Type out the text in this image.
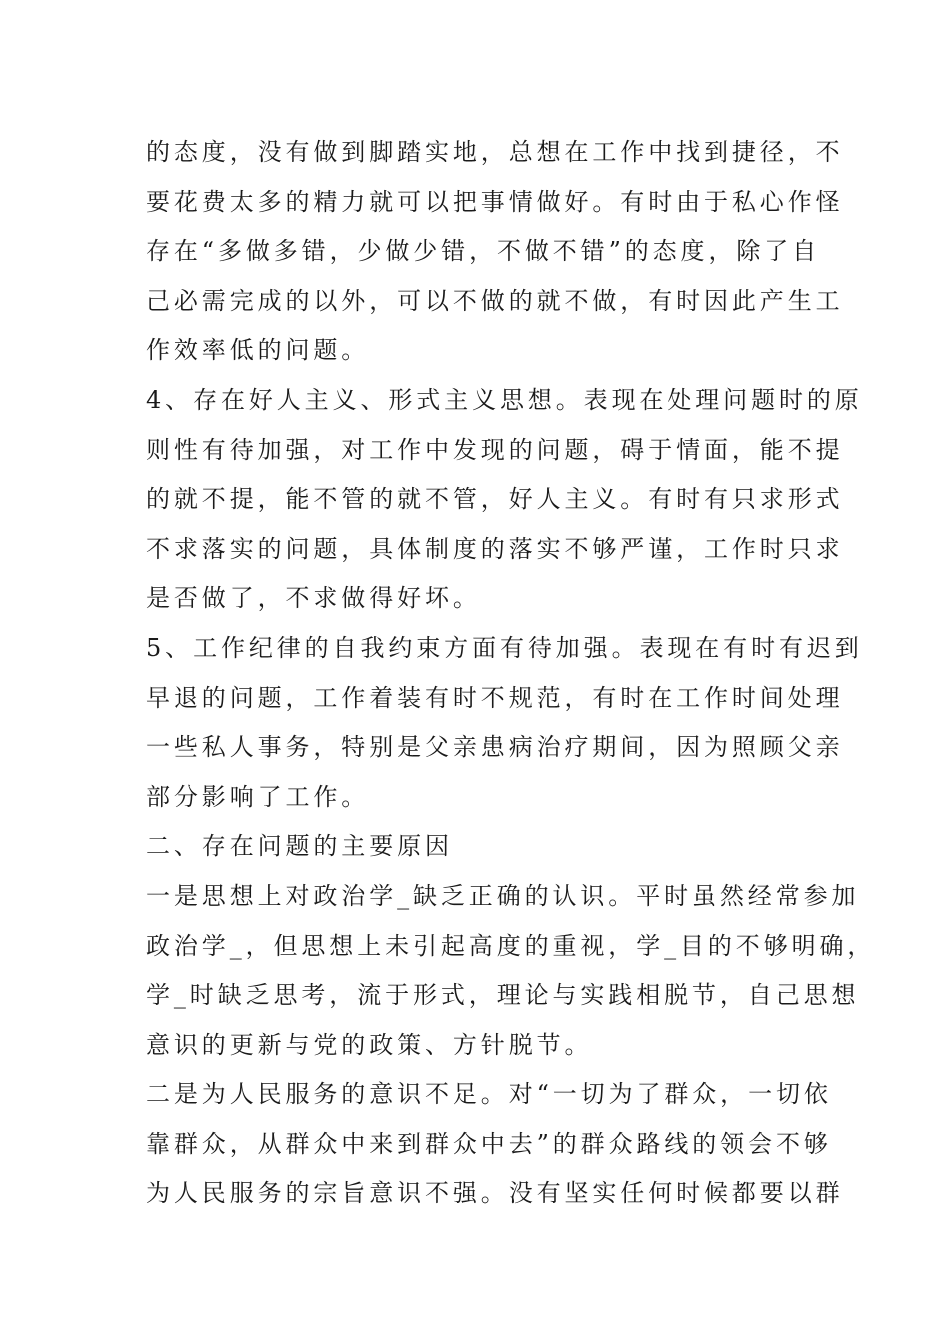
的态度，没有做到脚踏实地，总想在工作中找到捷径，不
要花费太多的精力就可以把事情做好。有时由于私心作怪
存在“多做多错，少做少错，不做不错”的态度，除了自
己必需完成的以外，可以不做的就不做，有时因此产生工
作效率低的问题。
4、存在好人主义、形式主义思想。表现在处理问题时的原
则性有待加强，对工作中发现的问题，碍于情面，能不提
的就不提，能不管的就不管，好人主义。有时有只求形式
不求落实的问题，具体制度的落实不够严谨，工作时只求
是否做了，不求做得好坏。
5、工作纪律的自我约束方面有待加强。表现在有时有迟到
早退的问题，工作着装有时不规范，有时在工作时间处理
一些私人事务，特别是父亲患病治疗期间，因为照顾父亲
部分影响了工作。
二、存在问题的主要原因
一是思想上对政治学_缺乏正确的认识。平时虽然经常参加
政治学_，但思想上未引起高度的重视，学_目的不够明确，
学_时缺乏思考，流于形式，理论与实践相脱节，自己思想
意识的更新与党的政策、方针脱节。
二是为人民服务的意识不足。对“一切为了群众，一切依
靠群众，从群众中来到群众中去”的群众路线的领会不够
为人民服务的宗旨意识不强。没有坚实任何时候都要以群
